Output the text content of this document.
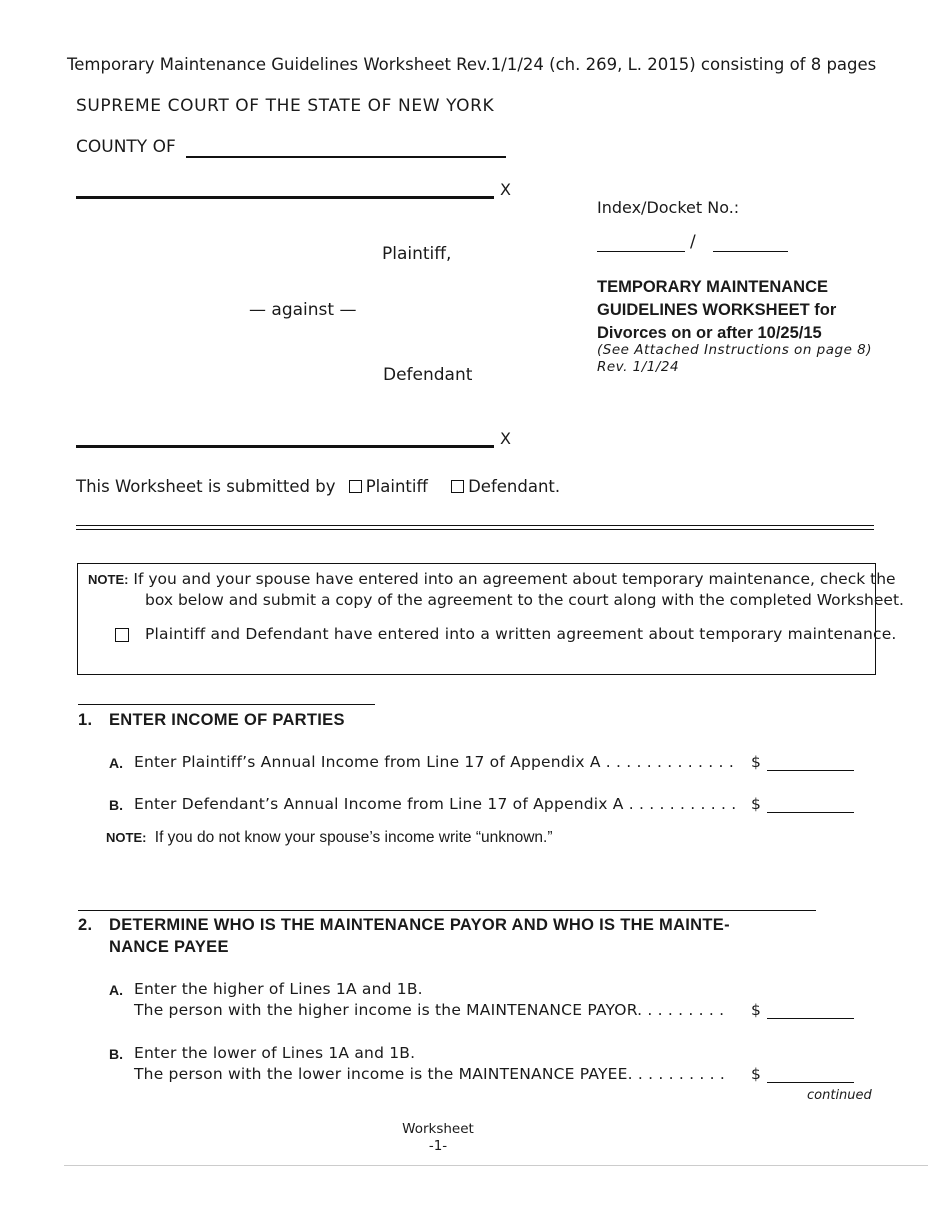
Temporary Maintenance Guidelines Worksheet Rev.1/1/24 (ch. 269, L. 2015) consisting of 8 pages
SUPREME COURT OF THE STATE OF NEW YORK
COUNTY OF
X
Plaintiff,
— against —
Defendant
X
Index/Docket No.:
/
TEMPORARY MAINTENANCE
GUIDELINES WORKSHEET for
Divorces on or after 10/25/15
(See Attached Instructions on page 8)
Rev. 1/1/24
This Worksheet is submitted by Plaintiff Defendant.
NOTE: If you and your spouse have entered into an agreement about temporary maintenance, check the
box below and submit a copy of the agreement to the court along with the completed Worksheet.
Plaintiff and Defendant have entered into a written agreement about temporary maintenance.
1. ENTER INCOME OF PARTIES
A. Enter Plaintiff’s Annual Income from Line 17 of Appendix A . . . . . . . . . . . . . $
B. Enter Defendant’s Annual Income from Line 17 of Appendix A . . . . . . . . . . . $
NOTE: If you do not know your spouse’s income write “unknown.”
2. DETERMINE WHO IS THE MAINTENANCE PAYOR AND WHO IS THE MAINTE-
NANCE PAYEE
A. Enter the higher of Lines 1A and 1B.
The person with the higher income is the MAINTENANCE PAYOR. . . . . . . . . $
B. Enter the lower of Lines 1A and 1B.
The person with the lower income is the MAINTENANCE PAYEE. . . . . . . . . . $
continued
Worksheet
-1-
